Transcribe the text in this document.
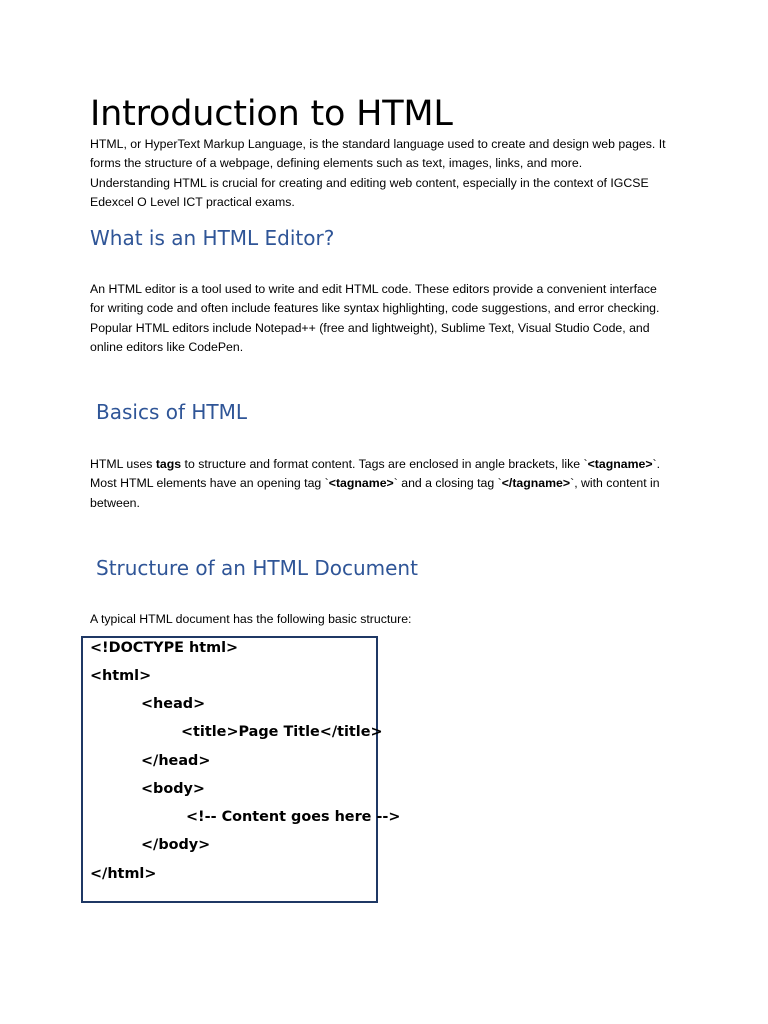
Introduction to HTML

HTML, or HyperText Markup Language, is the standard language used to create and design web pages. It
forms the structure of a webpage, defining elements such as text, images, links, and more.
Understanding HTML is crucial for creating and editing web content, especially in the context of IGCSE
Edexcel O Level ICT practical exams.

What is an HTML Editor?

An HTML editor is a tool used to write and edit HTML code. These editors provide a convenient interface
for writing code and often include features like syntax highlighting, code suggestions, and error checking.
Popular HTML editors include Notepad++ (free and lightweight), Sublime Text, Visual Studio Code, and
online editors like CodePen.

Basics of HTML

HTML uses tags to structure and format content. Tags are enclosed in angle brackets, like `<tagname>`.
Most HTML elements have an opening tag `<tagname>` and a closing tag `</tagname>`, with content in
between.

Structure of an HTML Document

A typical HTML document has the following basic structure:

<!DOCTYPE html>

<html>

<head>

<title>Page Title</title>

</head>

<body>

<!-- Content goes here -->

</body>

</html>
